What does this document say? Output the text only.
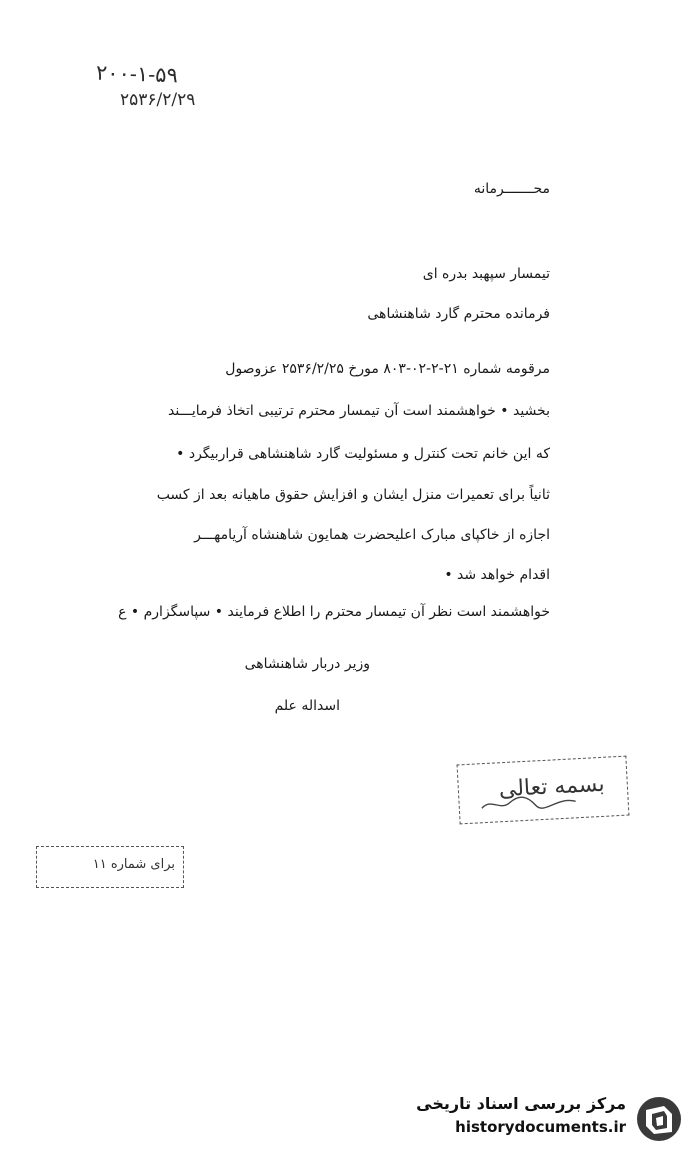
۲۰۰-۱-۵۹
۲۵۳۶/۲/۲۹
محـــــــرمانه
تیمسار سپهبد بدره ای
فرمانده محترم گارد شاهنشاهی
مرقومه شماره ۲۱-۲-۰۲-۸۰۳ مورخ ۲۵۳۶/۲/۲۵ عزوصول
بخشید • خواهشمند است آن تیمسار محترم ترتیبی اتخاذ فرمایـــند
که این خانم تحت کنترل و مسئولیت گارد شاهنشاهی قراربیگرد •
ثانیاً برای تعمیرات منزل ایشان و افزایش حقوق ماهیانه بعد از کسب
اجازه از خاکپای مبارک اعلیحضرت همایون شاهنشاه آریامهـــر
اقدام خواهد شد •
خواهشمند است نظر آن تیمسار محترم را اطلاع فرمایند • سپاسگزارم • ع
وزیر دربار شاهنشاهی
اسداله علم
بسمه تعالی
برای شماره ۱۱
مرکز بررسی اسناد تاریخی
historydocuments.ir
